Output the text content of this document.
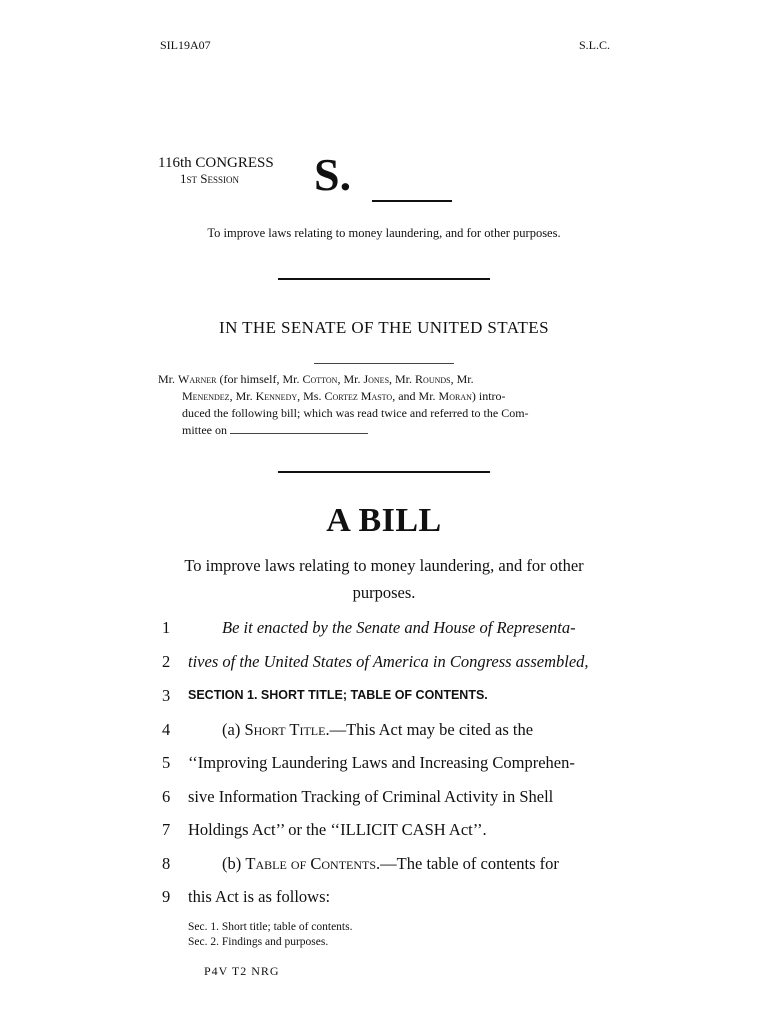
SIL19A07	S.L.C.
116th CONGRESS
1st Session	S.
To improve laws relating to money laundering, and for other purposes.
IN THE SENATE OF THE UNITED STATES
Mr. Warner (for himself, Mr. Cotton, Mr. Jones, Mr. Rounds, Mr.
Menendez, Mr. Kennedy, Ms. Cortez Masto, and Mr. Moran) intro-
duced the following bill; which was read twice and referred to the Com-
mittee on
A BILL
To improve laws relating to money laundering, and for other purposes.
1	Be it enacted by the Senate and House of Representa-
2	tives of the United States of America in Congress assembled,
3	SECTION 1. SHORT TITLE; TABLE OF CONTENTS.
4	(a) Short Title.—This Act may be cited as the
5	‘‘Improving Laundering Laws and Increasing Comprehen-
6	sive Information Tracking of Criminal Activity in Shell
7	Holdings Act’’ or the ‘‘ILLICIT CASH Act’’.
8	(b) Table of Contents.—The table of contents for
9	this Act is as follows:
Sec. 1. Short title; table of contents.
Sec. 2. Findings and purposes.
P4V T2 NRG
